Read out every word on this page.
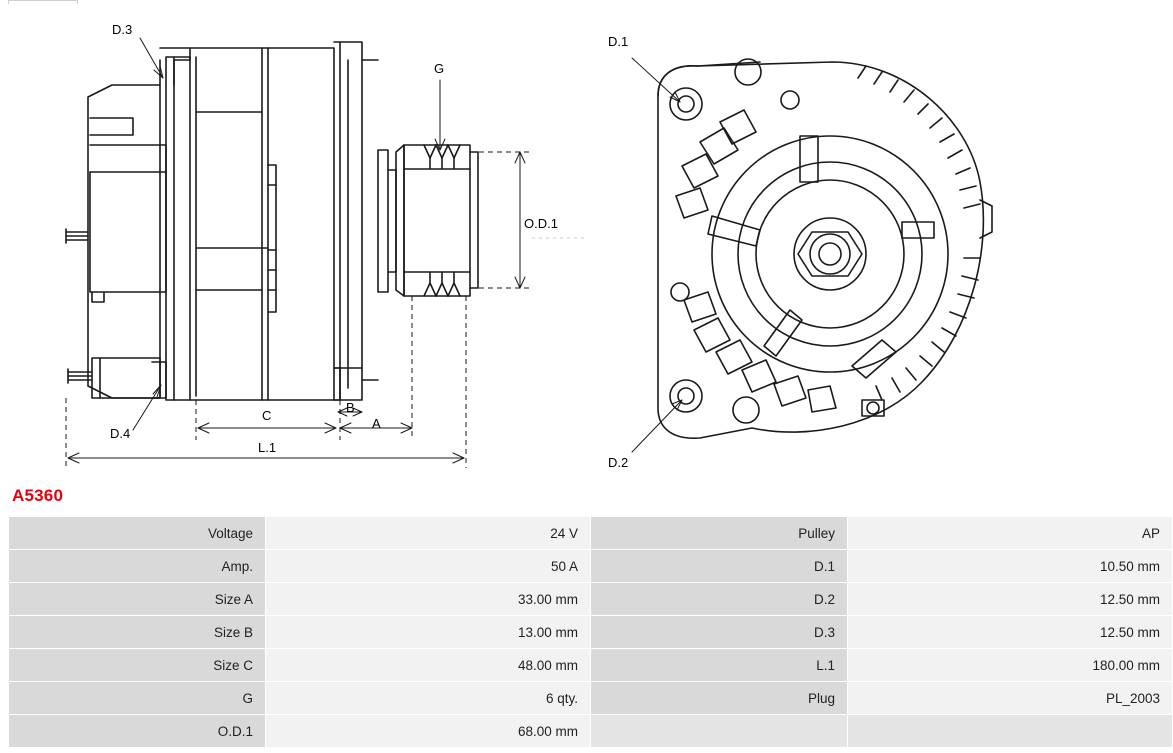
D.3
D.4
G
O.D.1
C
B
A
L.1
D.1
D.2
A5360
Voltage	24 V	Pulley	AP
Amp.	50 A	D.1	10.50 mm
Size A	33.00 mm	D.2	12.50 mm
Size B	13.00 mm	D.3	12.50 mm
Size C	48.00 mm	L.1	180.00 mm
G	6 qty.	Plug	PL_2003
O.D.1	68.00 mm		
